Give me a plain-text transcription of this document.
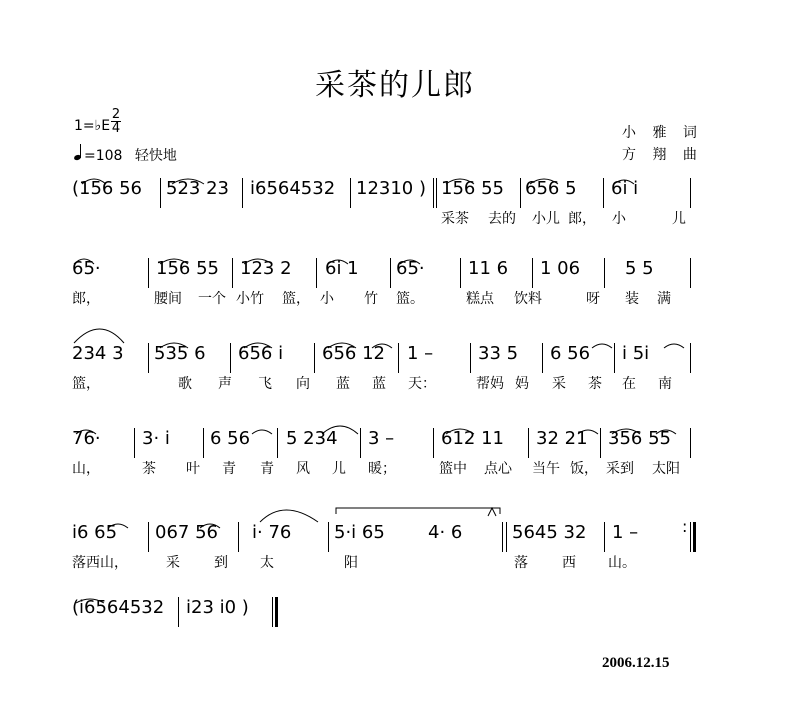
采茶的儿郎
1=♭E
2
4
=108 轻快地
小 雅 词
方 翔 曲
(156 56 523 23 i6564532 12310 ) 156 55 656 5 6i i
采茶 去的 小儿 郎， 小	儿
65·	156 55 123 2 6i 1 65· 11 6 1 06 5 5
郎，	腰间 一个 小竹 篮， 小 竹 篮。	糕点 饮料	呀 装 满
234 3 535 6 656 i 656 12 1 – 33 5 6 56 i 5i
篮，	歌 声 飞 向 蓝 蓝 天：	帮妈 妈 采 茶 在 南
76· 3· i 6 56 5 234 3 –	612 11 32 21 356 55
山，	茶 叶 青 青 风 儿 暖；	篮中 点心 当午 饭， 采到 太阳
i6 65 067 56 i· 76 5·i 65 4· 6	5645 32 1 –	:
落西 山，	采 到 太	阳	落 西 山。
(i6564532 i23 i0 )
2006.12.15
